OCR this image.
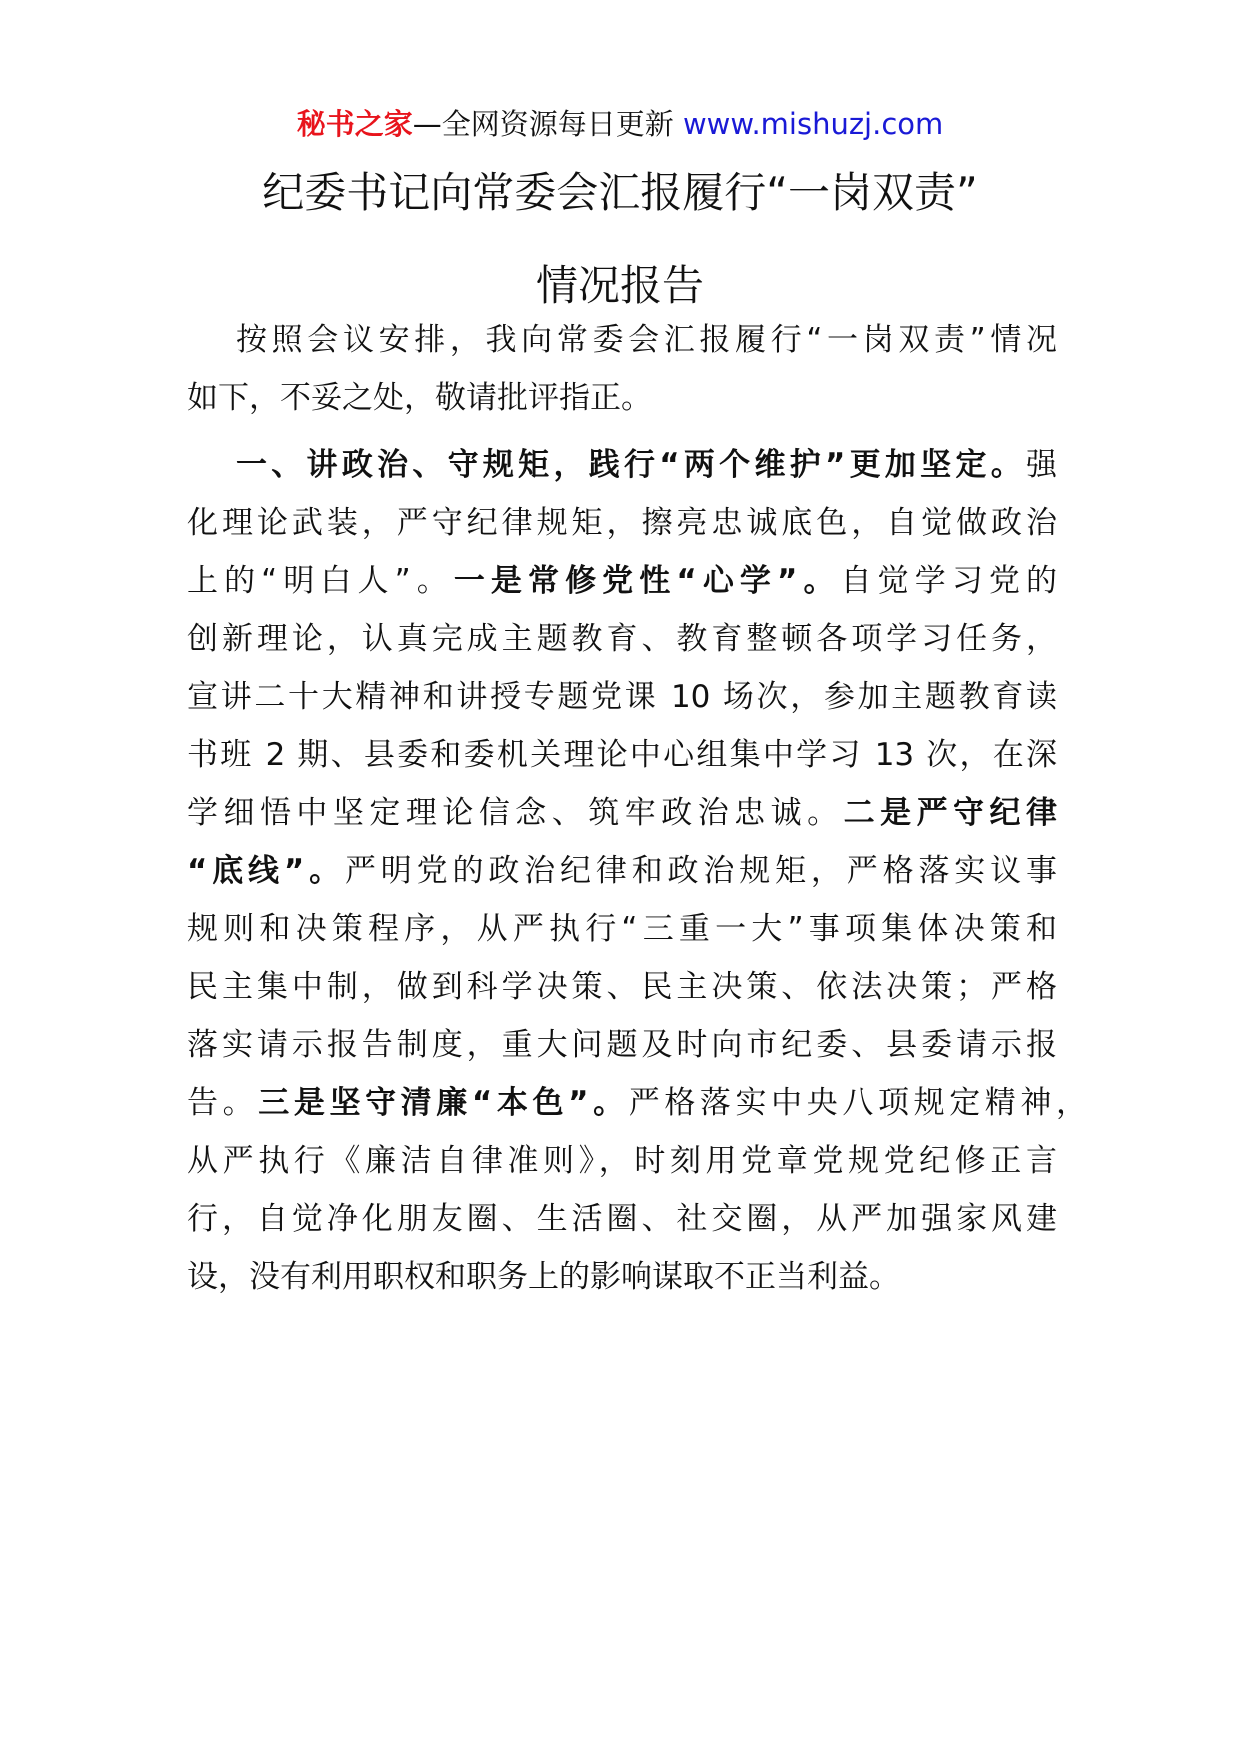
秘书之家—全网资源每日更新 www.mishuzj.com
纪委书记向常委会汇报履行“一岗双责”
情况报告
按照会议安排，我向常委会汇报履行“一岗双责”情况
如下，不妥之处，敬请批评指正。
一、讲政治、守规矩，践行“两个维护”更加坚定。强
化理论武装，严守纪律规矩，擦亮忠诚底色，自觉做政治
上的“明白人”。一是常修党性“心学”。自觉学习党的
创新理论，认真完成主题教育、教育整顿各项学习任务，
宣讲二十大精神和讲授专题党课 10 场次，参加主题教育读
书班 2 期、县委和委机关理论中心组集中学习 13 次，在深
学细悟中坚定理论信念、筑牢政治忠诚。二是严守纪律
“底线”。严明党的政治纪律和政治规矩，严格落实议事
规则和决策程序，从严执行“三重一大”事项集体决策和
民主集中制，做到科学决策、民主决策、依法决策；严格
落实请示报告制度，重大问题及时向市纪委、县委请示报
告。三是坚守清廉“本色”。严格落实中央八项规定精神，
从严执行《廉洁自律准则》，时刻用党章党规党纪修正言
行，自觉净化朋友圈、生活圈、社交圈，从严加强家风建
设，没有利用职权和职务上的影响谋取不正当利益。
